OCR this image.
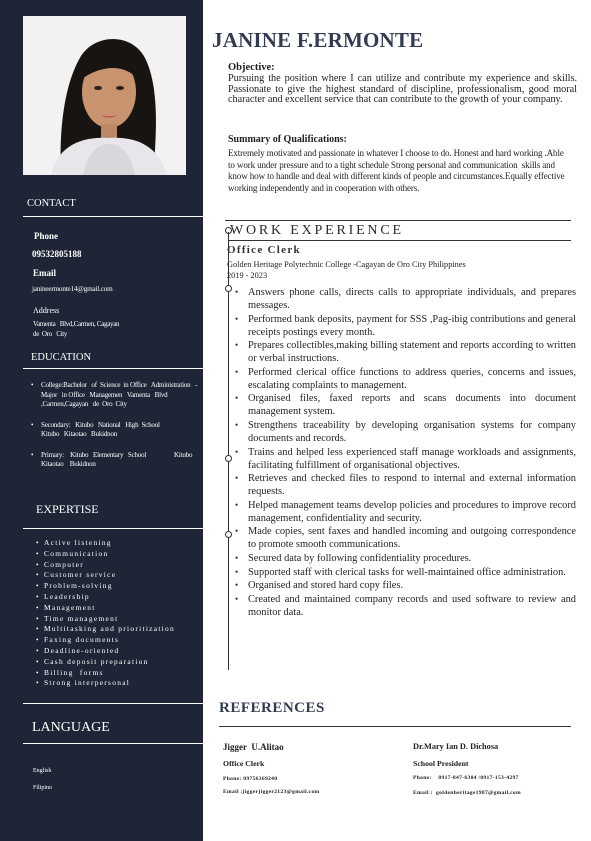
CONTACT
Phone
09532805188
Email
janineermonte14@gmail.com
Address
Vamenta   Blvd,Carmen, Cagayan
de  Oro   City
EDUCATION
• College:Bachelor   of  Science  in Office   Administration   -Major   in Office   Managemen   Vamenta   Blvd ,Carmen,Cagayan   de  Oro  City
• Secondary:   Kitubo   National   High  School                    Kitubo   Kitaotao   Bukidnon
• Primary:    Kitubo   Elementary   School                  Kitubo  Kitaotao    Bukidnon
EXPERTISE
• Active listening
• Communication
• Computer
• Customer service
• Problem-solving
• Leadership
• Management
• Time management
• Multitasking and prioritization
• Faxing documents
• Deadline-oriented
• Cash deposit preparation
• Billing  forms
• Strong interpersonal
LANGUAGE
English
Filipino
JANINE F.ERMONTE
Objective:
Pursuing the position where I can utilize and contribute my experience and skills. Passionate to give the highest standard of discipline, professionalism, good moral character and excellent service that can contribute to the growth of your company.
Summary of Qualifications:
Extremely motivated and passionate in whatever I choose to do. Honest and hard working .Able to work under pressure and to a tight schedule Strong personal and communication  skills and know how to handle and deal with different kinds of people and circumstances.Equally effective working independently and in cooperation with others.
WORK EXPERIENCE
Office Clerk
Golden Heritage Polytechnic College -Cagayan de Oro City Philippines
2019 - 2023
• Answers phone calls, directs calls to appropriate individuals, and prepares messages.
• Performed bank deposits, payment for SSS ,Pag-ibig contributions and general receipts postings every month.
• Prepares collectibles,making billing statement and reports according to written or verbal instructions.
• Performed clerical office functions to address queries, concerns and issues, escalating complaints to management.
• Organised files, faxed reports and scans documents into document management system.
• Strengthens traceability by developing organisation systems for company documents and records.
• Trains and helped less experienced staff manage workloads and assignments, facilitating fulfillment of organisational objectives.
• Retrieves and checked files to respond to internal and external information requests.
• Helped management teams develop policies and procedures to improve record management, confidentiality and security.
• Made copies, sent faxes and handled incoming and outgoing correspondence to promote smooth communications.
• Secured data by following confidentiality procedures.
• Supported staff with clerical tasks for well-maintained office administration.
• Organised and stored hard copy files.
• Created and maintained company records and used software to review and monitor data.
REFERENCES
Jigger  U.Alitao
Office Clerk
Phone: 09756369240
Email :jiggerjigger2123@gmail.com
Dr.Mary Ian D. Dichosa
School President
Phone:    0917-847-6384 /0917-153-4297
Email :  goldenheritage1987@gmail.com
